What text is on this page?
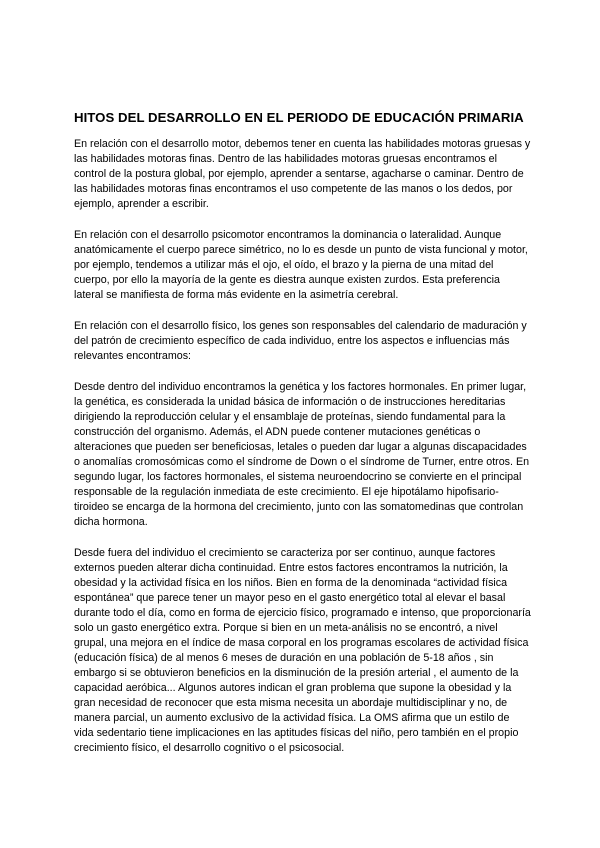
HITOS DEL DESARROLLO EN EL PERIODO DE EDUCACIÓN PRIMARIA

En relación con el desarrollo motor, debemos tener en cuenta las habilidades motoras gruesas y las habilidades motoras finas. Dentro de las habilidades motoras gruesas encontramos el control de la postura global, por ejemplo, aprender a sentarse, agacharse o caminar. Dentro de las habilidades motoras finas encontramos el uso competente de las manos o los dedos, por ejemplo, aprender a escribir.

En relación con el desarrollo psicomotor encontramos la dominancia o lateralidad. Aunque anatómicamente el cuerpo parece simétrico, no lo es desde un punto de vista funcional y motor, por ejemplo, tendemos a utilizar más el ojo, el oído, el brazo y la pierna de una mitad del cuerpo, por ello la mayoría de la gente es diestra aunque existen zurdos. Esta preferencia lateral se manifiesta de forma más evidente en la asimetría cerebral.

En relación con el desarrollo físico, los genes son responsables del calendario de maduración y del patrón de crecimiento específico de cada individuo, entre los aspectos e influencias más relevantes encontramos:

Desde dentro del individuo encontramos la genética y los factores hormonales. En primer lugar, la genética, es considerada la unidad básica de información o de instrucciones hereditarias dirigiendo la reproducción celular y el ensamblaje de proteínas, siendo fundamental para la construcción del organismo. Además, el ADN puede contener mutaciones genéticas o alteraciones que pueden ser beneficiosas, letales o pueden dar lugar a algunas discapacidades o anomalías cromosómicas como el síndrome de Down o el síndrome de Turner, entre otros. En segundo lugar, los factores hormonales, el sistema neuroendocrino se convierte en el principal responsable de la regulación inmediata de este crecimiento. El eje hipotálamo hipofisario-tiroideo se encarga de la hormona del crecimiento, junto con las somatomedinas que controlan dicha hormona.

Desde fuera del individuo el crecimiento se caracteriza por ser continuo, aunque factores externos pueden alterar dicha continuidad. Entre estos factores encontramos la nutrición, la obesidad y la actividad física en los niños. Bien en forma de la denominada “actividad física espontánea” que parece tener un mayor peso en el gasto energético total al elevar el basal durante todo el día, como en forma de ejercicio físico, programado e intenso, que proporcionaría solo un gasto energético extra. Porque si bien en un meta-análisis no se encontró, a nivel grupal, una mejora en el índice de masa corporal en los programas escolares de actividad física (educación física) de al menos 6 meses de duración en una población de 5-18 años , sin embargo si se obtuvieron beneficios en la disminución de la presión arterial , el aumento de la capacidad aeróbica... Algunos autores indican el gran problema que supone la obesidad y la gran necesidad de reconocer que esta misma necesita un abordaje multidisciplinar y no, de manera parcial, un aumento exclusivo de la actividad física. La OMS afirma que un estilo de vida sedentario tiene implicaciones en las aptitudes físicas del niño, pero también en el propio crecimiento físico, el desarrollo cognitivo o el psicosocial.
